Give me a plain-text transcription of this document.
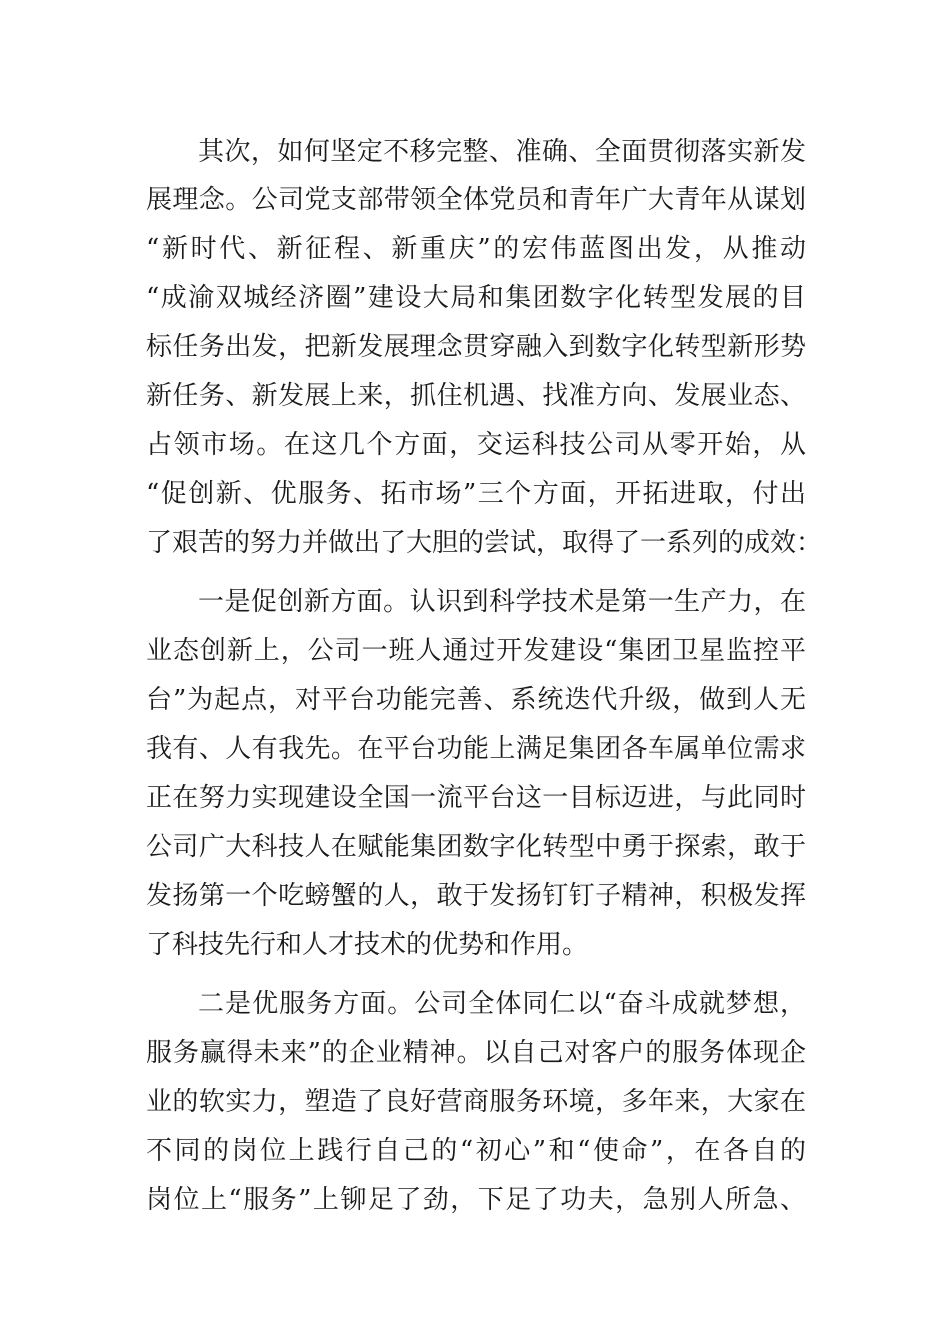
其次，如何坚定不移完整、准确、全面贯彻落实新发
展理念。公司党支部带领全体党员和青年广大青年从谋划
“新时代、新征程、新重庆”的宏伟蓝图出发，从推动
“成渝双城经济圈”建设大局和集团数字化转型发展的目
标任务出发，把新发展理念贯穿融入到数字化转型新形势
新任务、新发展上来，抓住机遇、找准方向、发展业态、
占领市场。在这几个方面，交运科技公司从零开始，从
“促创新、优服务、拓市场”三个方面，开拓进取，付出
了艰苦的努力并做出了大胆的尝试，取得了一系列的成效：
一是促创新方面。认识到科学技术是第一生产力，在
业态创新上，公司一班人通过开发建设“集团卫星监控平
台”为起点，对平台功能完善、系统迭代升级，做到人无
我有、人有我先。在平台功能上满足集团各车属单位需求
正在努力实现建设全国一流平台这一目标迈进，与此同时
公司广大科技人在赋能集团数字化转型中勇于探索，敢于
发扬第一个吃螃蟹的人，敢于发扬钉钉子精神，积极发挥
了科技先行和人才技术的优势和作用。
二是优服务方面。公司全体同仁以“奋斗成就梦想，
服务赢得未来”的企业精神。以自己对客户的服务体现企
业的软实力，塑造了良好营商服务环境，多年来，大家在
不同的岗位上践行自己的“初心”和“使命”，在各自的
岗位上“服务”上铆足了劲，下足了功夫，急别人所急、
